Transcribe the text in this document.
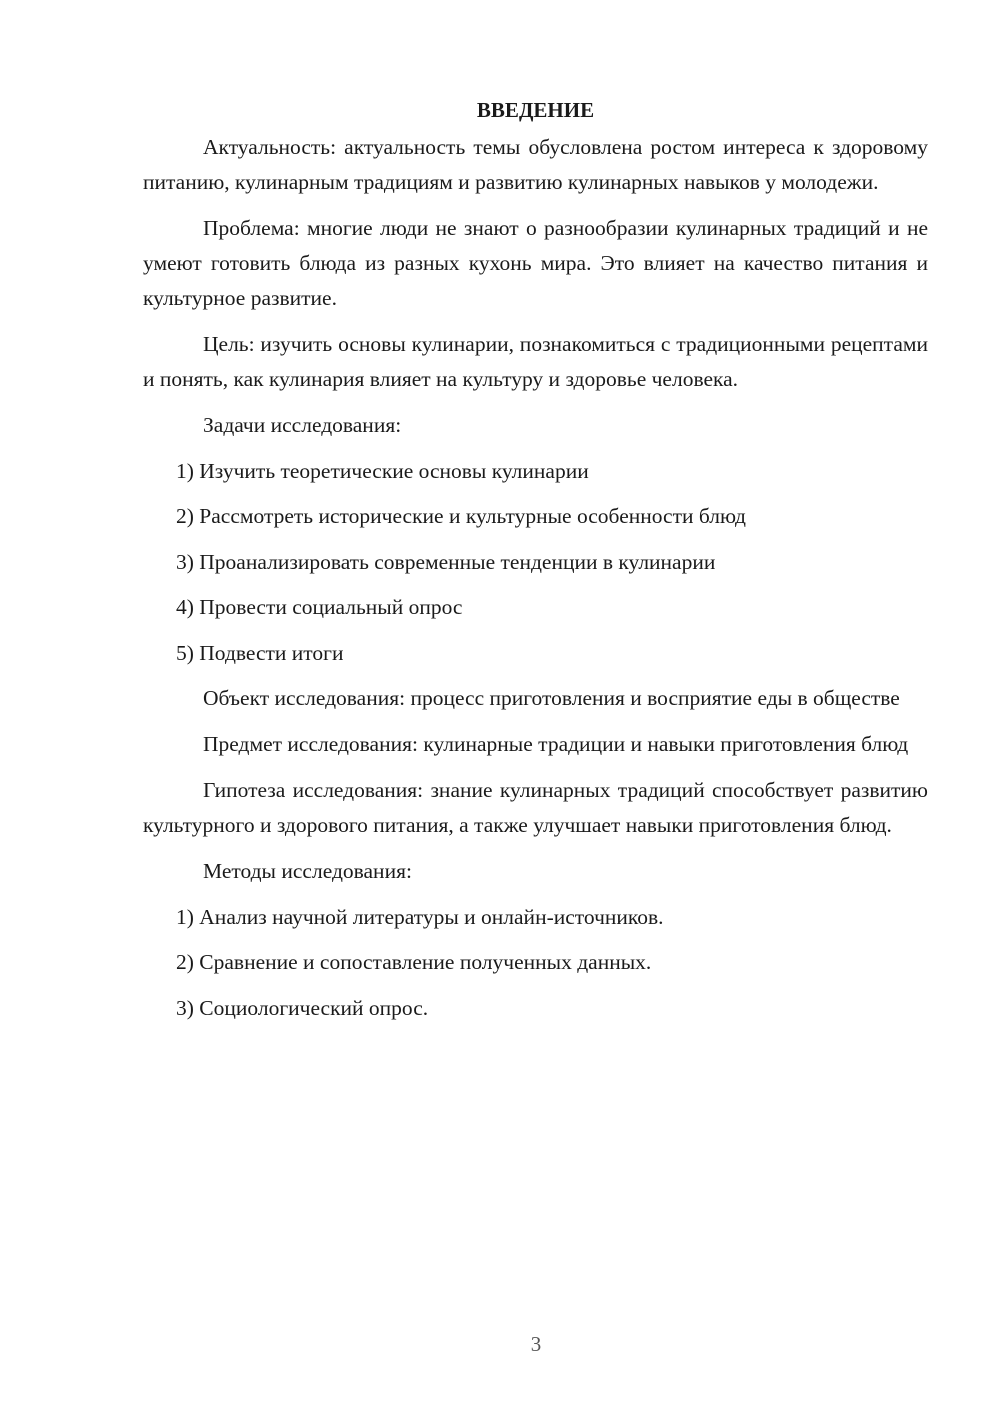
ВВЕДЕНИЕ

Актуальность: актуальность темы обусловлена ростом интереса к здоровому питанию, кулинарным традициям и развитию кулинарных навыков у молодежи.

Проблема: многие люди не знают о разнообразии кулинарных традиций и не умеют готовить блюда из разных кухонь мира. Это влияет на качество питания и культурное развитие.

Цель: изучить основы кулинарии, познакомиться с традиционными рецептами и понять, как кулинария влияет на культуру и здоровье человека.

Задачи исследования:
1) Изучить теоретические основы кулинарии
2) Рассмотреть исторические и культурные особенности блюд
3) Проанализировать современные тенденции в кулинарии
4) Провести социальный опрос
5) Подвести итоги

Объект исследования: процесс приготовления и восприятие еды в обществе

Предмет исследования: кулинарные традиции и навыки приготовления блюд

Гипотеза исследования: знание кулинарных традиций способствует развитию культурного и здорового питания, а также улучшает навыки приготовления блюд.

Методы исследования:
1) Анализ научной литературы и онлайн-источников.
2) Сравнение и сопоставление полученных данных.
3) Социологический опрос.
3
